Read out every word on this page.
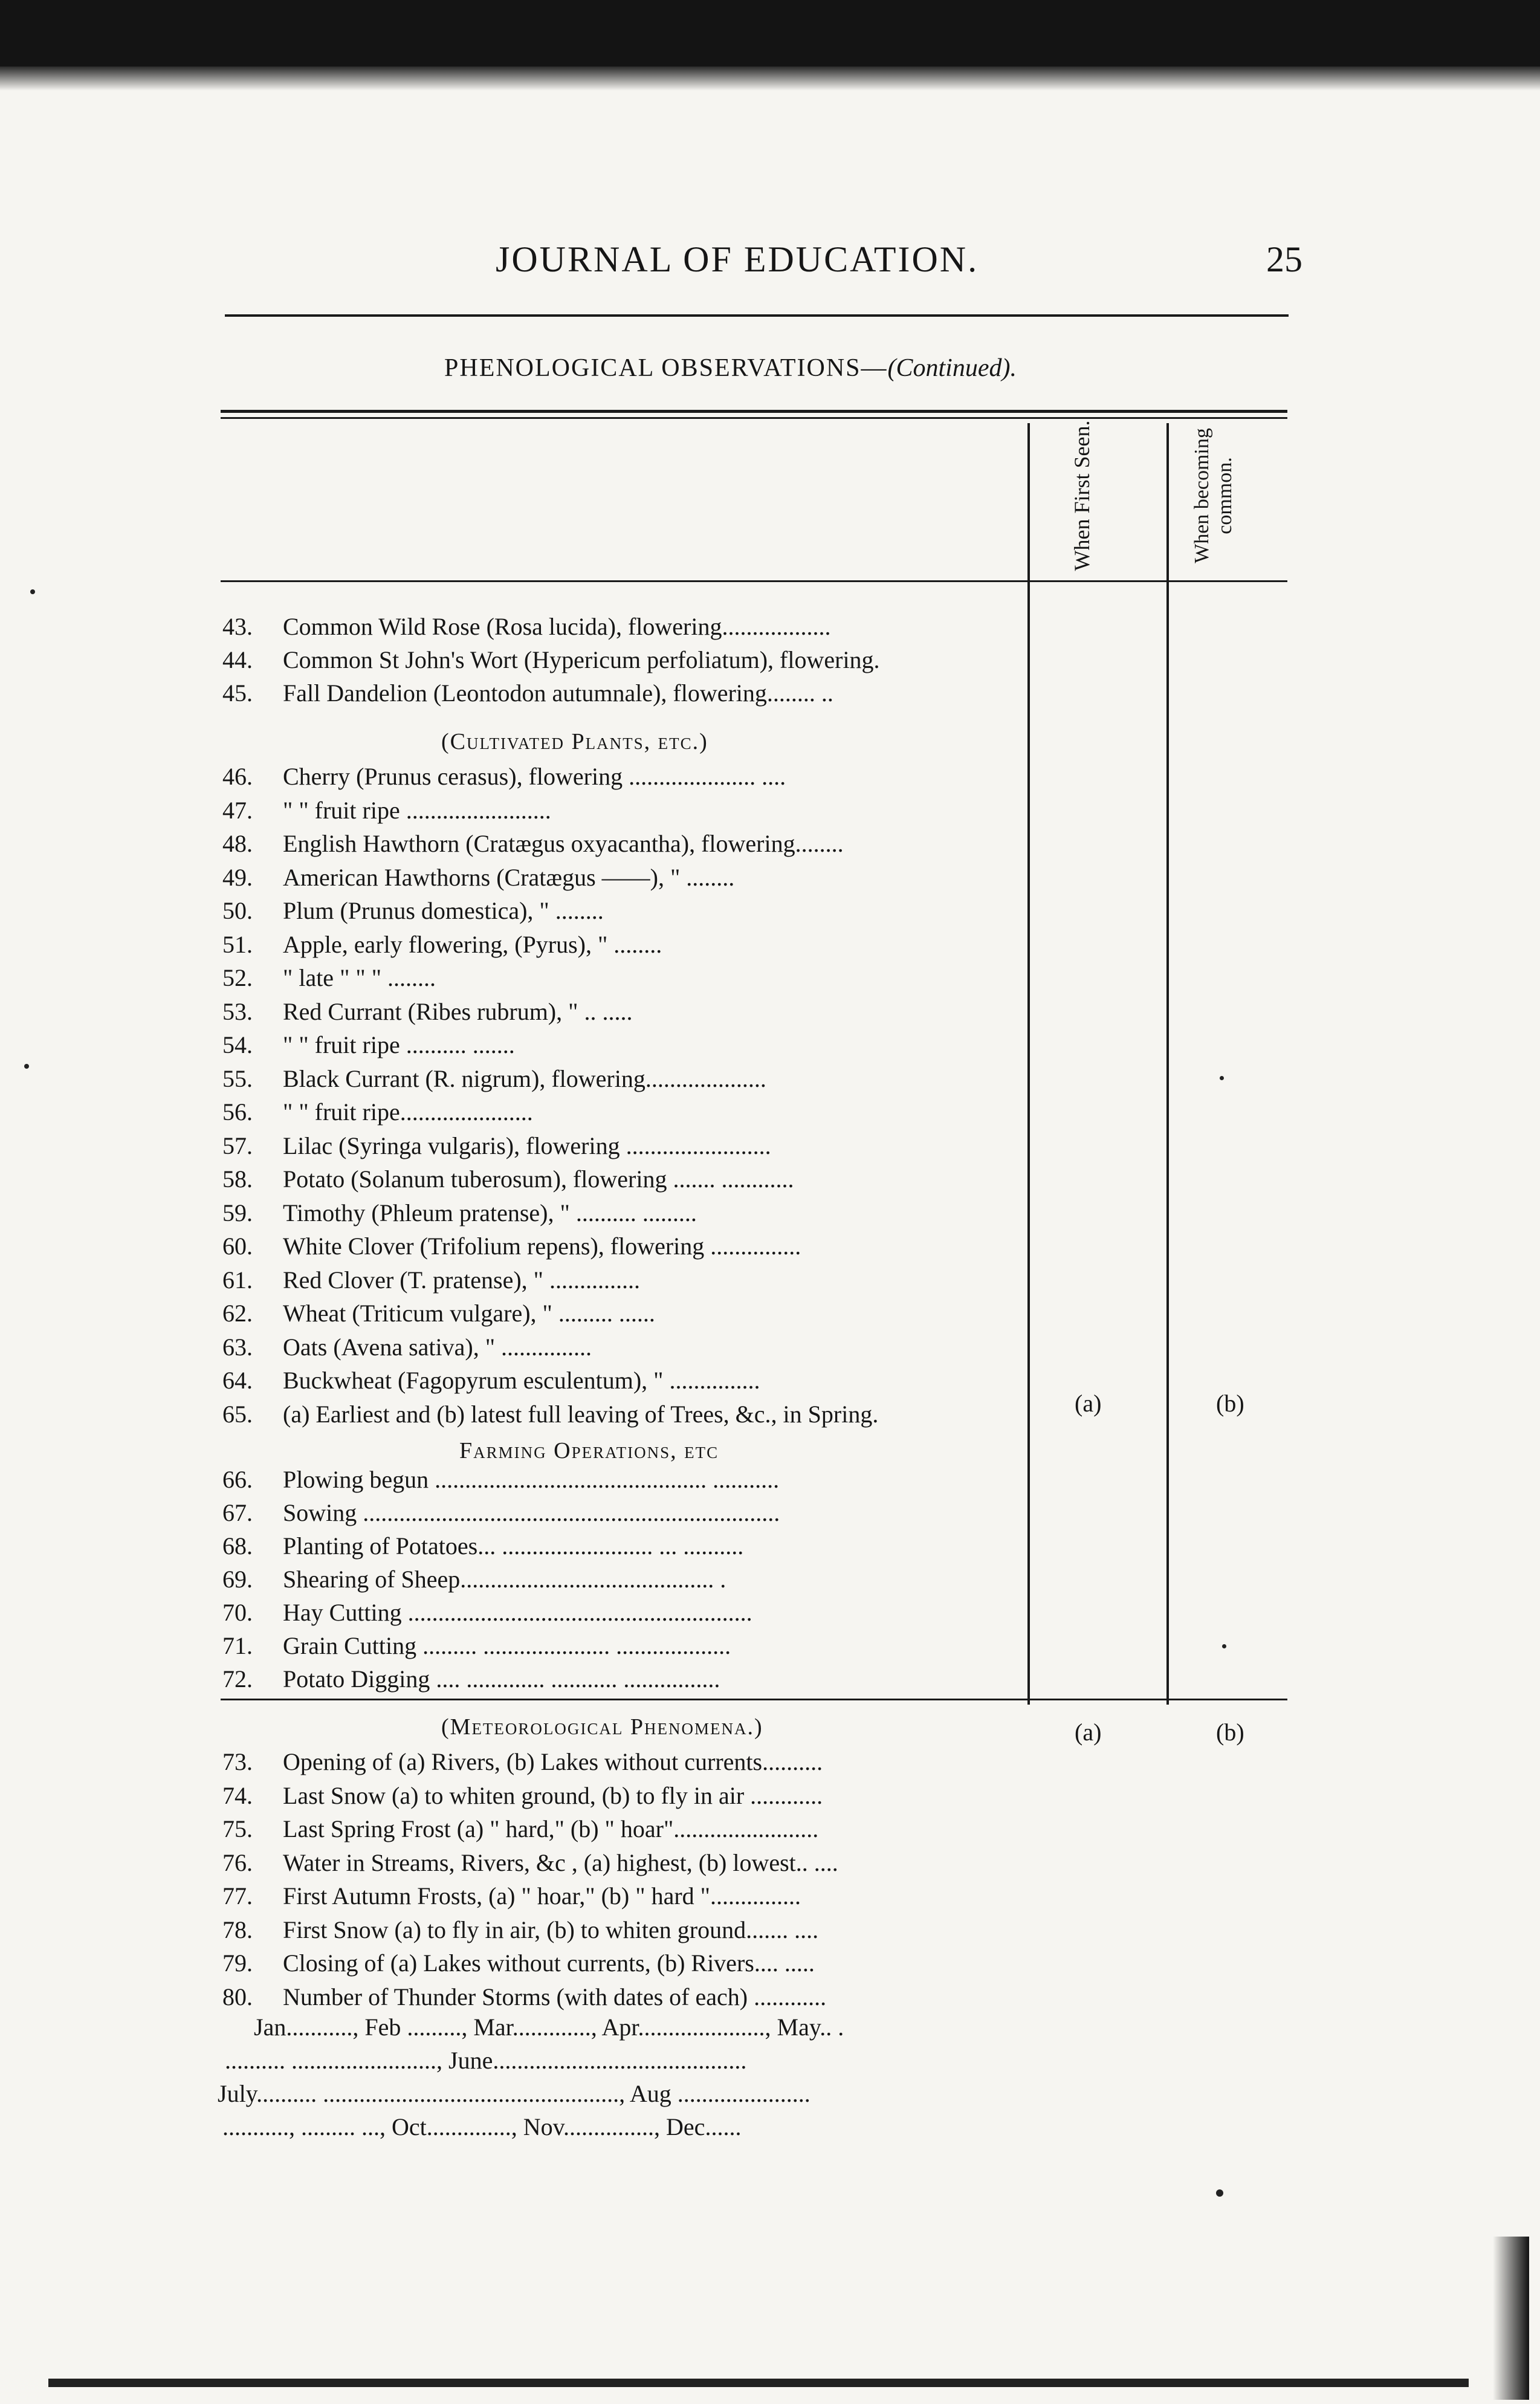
JOURNAL OF EDUCATION.	25
PHENOLOGICAL OBSERVATIONS—(Continued).
When First Seen.	When becoming common.
43.	Common Wild Rose (Rosa lucida), flowering..................
44.	Common St John's Wort (Hypericum perfoliatum), flowering.
45.	Fall Dandelion (Leontodon autumnale), flowering........ ..
(Cultivated Plants, etc.)
46.	Cherry (Prunus cerasus), flowering ..................... ....
47.	" " fruit ripe ........................
48.	English Hawthorn (Cratægus oxyacantha), flowering........
49.	American Hawthorns (Cratægus ——), " ........
50.	Plum (Prunus domestica), " ........
51.	Apple, early flowering, (Pyrus), " ........
52.	" late " " " ........
53.	Red Currant (Ribes rubrum), " .. .....
54.	" " fruit ripe .......... .......
55.	Black Currant (R. nigrum), flowering....................
56.	" " fruit ripe......................
57.	Lilac (Syringa vulgaris), flowering ........................
58.	Potato (Solanum tuberosum), flowering ....... ............
59.	Timothy (Phleum pratense), " .......... .........
60.	White Clover (Trifolium repens), flowering ...............
61.	Red Clover (T. pratense), " ...............
62.	Wheat (Triticum vulgare), " ......... ......
63.	Oats (Avena sativa), " ...............
64.	Buckwheat (Fagopyrum esculentum), " ...............
65.	(a) Earliest and (b) latest full leaving of Trees, &c., in Spring.	(a)	(b)
Farming Operations, etc
66.	Plowing begun ............................................. ...........
67.	Sowing .....................................................................
68.	Planting of Potatoes... ......................... ... ..........
69.	Shearing of Sheep.......................................... .
70.	Hay Cutting .........................................................
71.	Grain Cutting ......... ..................... ...................
72.	Potato Digging .... ............. ........... ................
(Meteorological Phenomena.)	(a)	(b)
73.	Opening of (a) Rivers, (b) Lakes without currents..........
74.	Last Snow (a) to whiten ground, (b) to fly in air ............
75.	Last Spring Frost (a) " hard," (b) " hoar"........................
76.	Water in Streams, Rivers, &c , (a) highest, (b) lowest.. ....
77.	First Autumn Frosts, (a) " hoar," (b) " hard "...............
78.	First Snow (a) to fly in air, (b) to whiten ground....... ....
79.	Closing of (a) Lakes without currents, (b) Rivers.... .....
80.	Number of Thunder Storms (with dates of each) ............
Jan..........., Feb ........., Mar............., Apr....................., May.. .
.......... ........................, June..........................................
July.......... ................................................., Aug ......................
..........., ......... ..., Oct.............., Nov..............., Dec......
